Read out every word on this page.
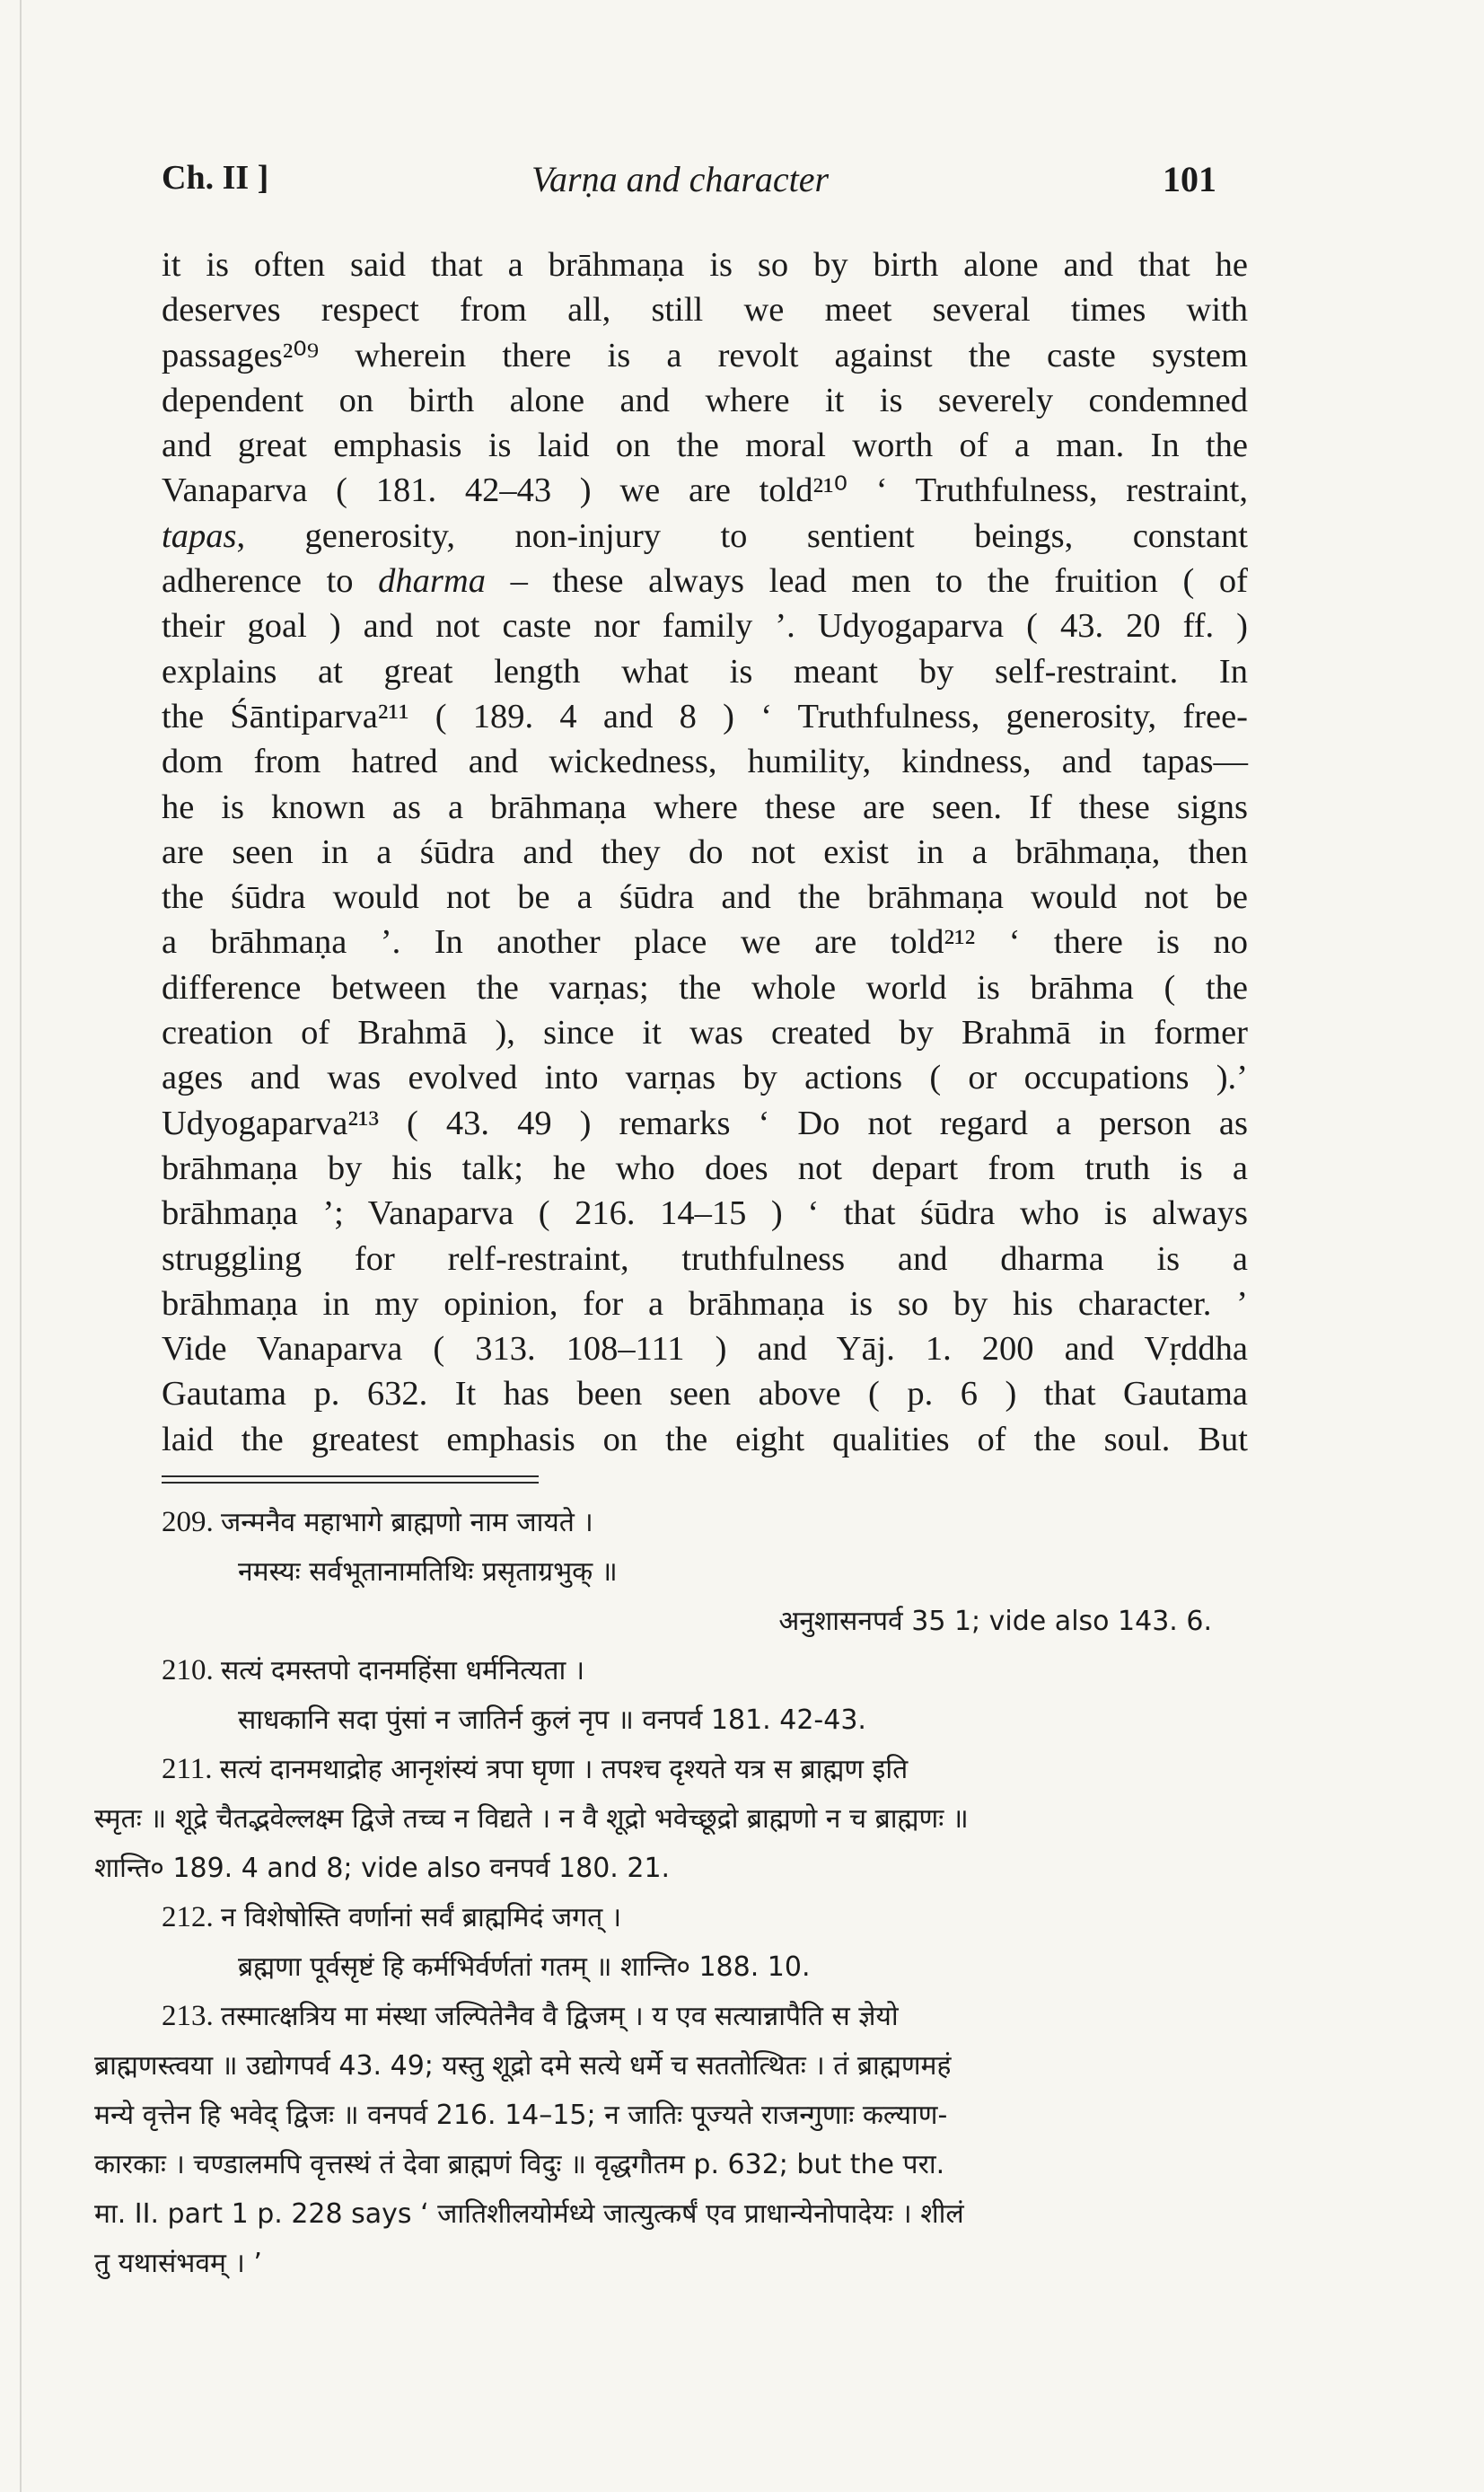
Ch. II ]	Varṇa and character	101
it is often said that a brāhmaṇa is so by birth alone and that he
deserves respect from all, still we meet several times with
passages²⁰⁹ wherein there is a revolt against the caste system
dependent on birth alone and where it is severely condemned
and great emphasis is laid on the moral worth of a man. In the
Vanaparva ( 181. 42–43 ) we are told²¹⁰ ‘ Truthfulness, restraint,
tapas, generosity, non-injury to sentient beings, constant
adherence to dharma – these always lead men to the fruition ( of
their goal ) and not caste nor family ’. Udyogaparva ( 43. 20 ff. )
explains at great length what is meant by self-restraint. In
the Śāntiparva²¹¹ ( 189. 4 and 8 ) ‘ Truthfulness, generosity, free-
dom from hatred and wickedness, humility, kindness, and tapas—
he is known as a brāhmaṇa where these are seen. If these signs
are seen in a śūdra and they do not exist in a brāhmaṇa, then
the śūdra would not be a śūdra and the brāhmaṇa would not be
a brāhmaṇa ’. In another place we are told²¹² ‘ there is no
difference between the varṇas; the whole world is brāhma ( the
creation of Brahmā ), since it was created by Brahmā in former
ages and was evolved into varṇas by actions ( or occupations ).’
Udyogaparva²¹³ ( 43. 49 ) remarks ‘ Do not regard a person as
brāhmaṇa by his talk; he who does not depart from truth is a
brāhmaṇa ’; Vanaparva ( 216. 14–15 ) ‘ that śūdra who is always
struggling for relf-restraint, truthfulness and dharma is a
brāhmaṇa in my opinion, for a brāhmaṇa is so by his character. ’
Vide Vanaparva ( 313. 108–111 ) and Yāj. 1. 200 and Vṛddha
Gautama p. 632. It has been seen above ( p. 6 ) that Gautama
laid the greatest emphasis on the eight qualities of the soul. But
209. जन्मनैव महाभागे ब्राह्मणो नाम जायते ।
नमस्यः सर्वभूतानामतिथिः प्रसृताग्रभुक् ॥
अनुशासनपर्व 35 1; vide also 143. 6.
210. सत्यं दमस्तपो दानमहिंसा धर्मनित्यता ।
साधकानि सदा पुंसां न जातिर्न कुलं नृप ॥ वनपर्व 181. 42-43.
211. सत्यं दानमथाद्रोह आनृशंस्यं त्रपा घृणा । तपश्च दृश्यते यत्र स ब्राह्मण इति
स्मृतः ॥ शूद्रे चैतद्भवेल्लक्ष्म द्विजे तच्च न विद्यते । न वै शूद्रो भवेच्छूद्रो ब्राह्मणो न च ब्राह्मणः ॥
शान्ति० 189. 4 and 8; vide also वनपर्व 180. 21.
212. न विशेषोस्ति वर्णानां सर्वं ब्राह्ममिदं जगत् ।
ब्रह्मणा पूर्वसृष्टं हि कर्मभिर्वर्णतां गतम् ॥ शान्ति० 188. 10.
213. तस्मात्क्षत्रिय मा मंस्था जल्पितेनैव वै द्विजम् । य एव सत्यान्नापैति स ज्ञेयो
ब्राह्मणस्त्वया ॥ उद्योगपर्व 43. 49; यस्तु शूद्रो दमे सत्ये धर्मे च सततोत्थितः । तं ब्राह्मणमहं
मन्ये वृत्तेन हि भवेद् द्विजः ॥ वनपर्व 216. 14–15; न जातिः पूज्यते राजन्गुणाः कल्याण-
कारकाः । चण्डालमपि वृत्तस्थं तं देवा ब्राह्मणं विदुः ॥ वृद्धगौतम p. 632; but the परा.
मा. II. part 1 p. 228 says ‘ जातिशीलयोर्मध्ये जात्युत्कर्षं एव प्राधान्येनोपादेयः । शीलं
तु यथासंभवम् । ’
